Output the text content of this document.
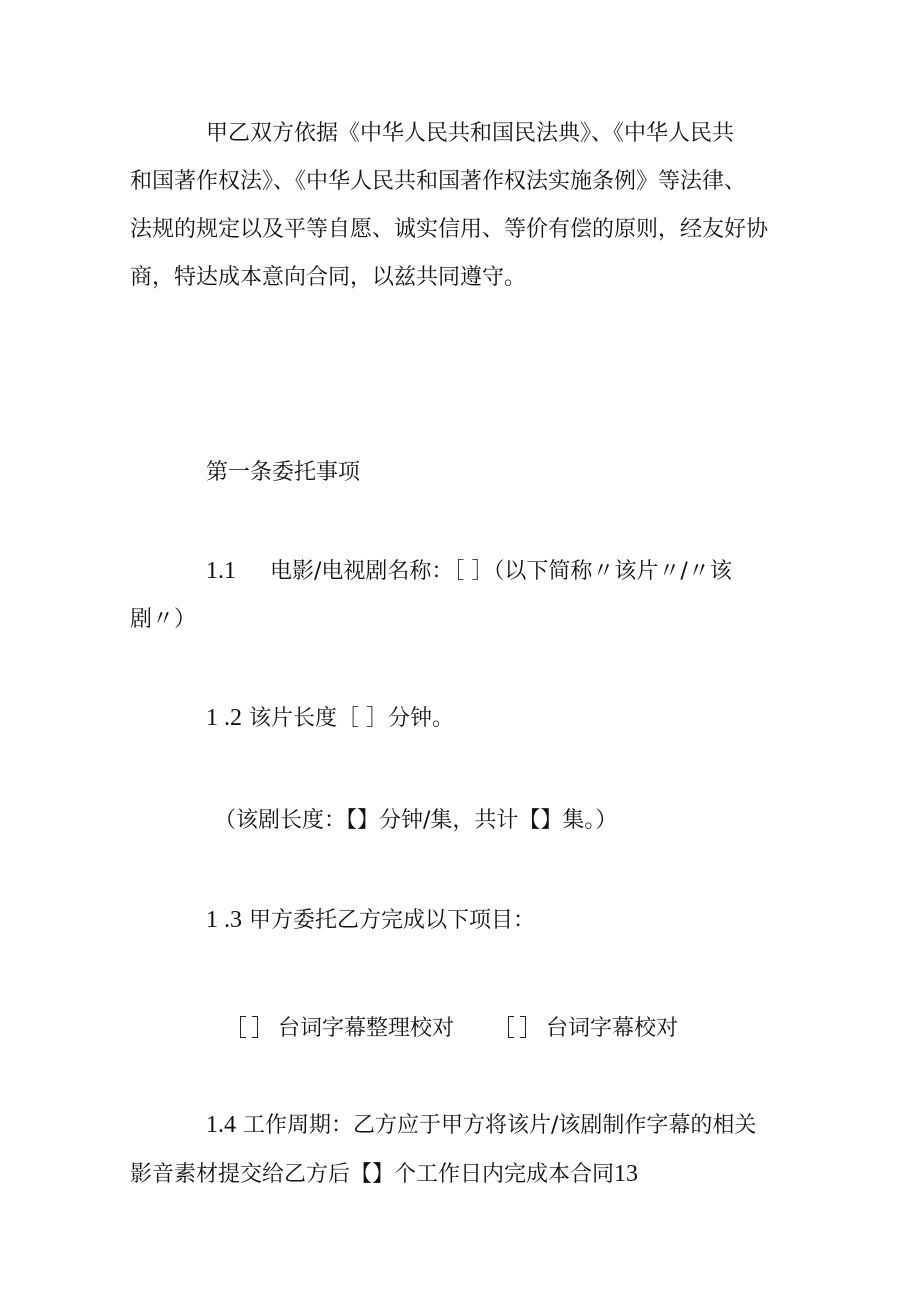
甲乙双方依据《中华人民共和国民法典》、《中华人民共
和国著作权法》、《中华人民共和国著作权法实施条例》等法律、
法规的规定以及平等自愿、诚实信用、等价有偿的原则，经友好协
商，特达成本意向合同，以兹共同遵守。
第一条委托事项
1.1 电影/电视剧名称：［ ］（以下简称〃该片〃/〃该
剧〃）
1 .2 该片长度［ ］分钟。
（该剧长度：【】分钟/集，共计【】集。）
1 .3 甲方委托乙方完成以下项目：
台词字幕整理校对	台词字幕校对
1.4 工作周期：乙方应于甲方将该片/该剧制作字幕的相关
影音素材提交给乙方后【】个工作日内完成本合同13
